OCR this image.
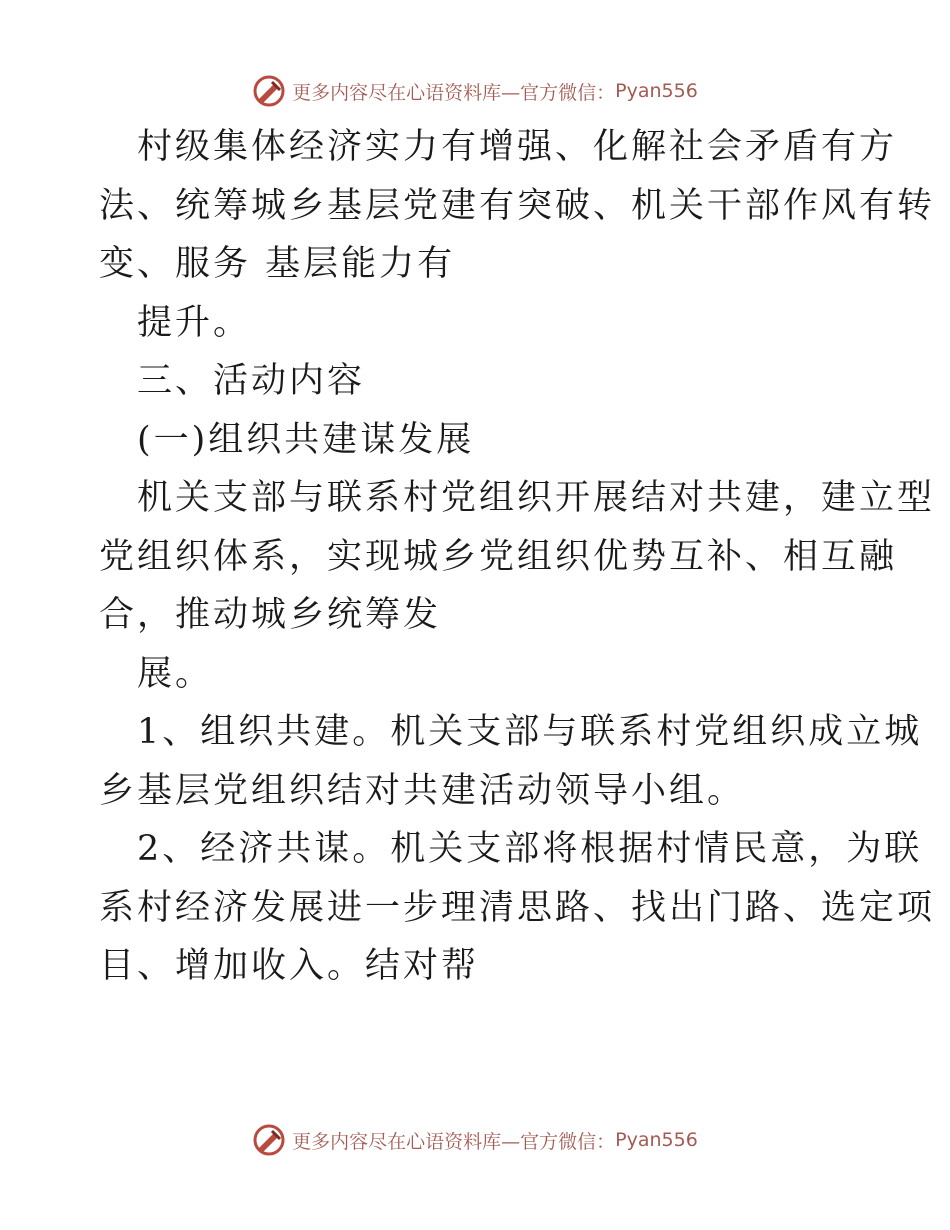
更多内容尽在心语资料库—官方微信： Pyan556

村级集体经济实力有增强、化解社会矛盾有方
法、统筹城乡基层党建有突破、机关干部作风有转
变、服务 基层能力有

提升。

三、活动内容

(一)组织共建谋发展

机关支部与联系村党组织开展结对共建，建立型
党组织体系，实现城乡党组织优势互补、相互融
合，推动城乡统筹发

展。

1、组织共建。机关支部与联系村党组织成立城
乡基层党组织结对共建活动领导小组。

2、经济共谋。机关支部将根据村情民意，为联
系村经济发展进一步理清思路、找出门路、选定项
目、增加收入。结对帮

更多内容尽在心语资料库—官方微信： Pyan556
